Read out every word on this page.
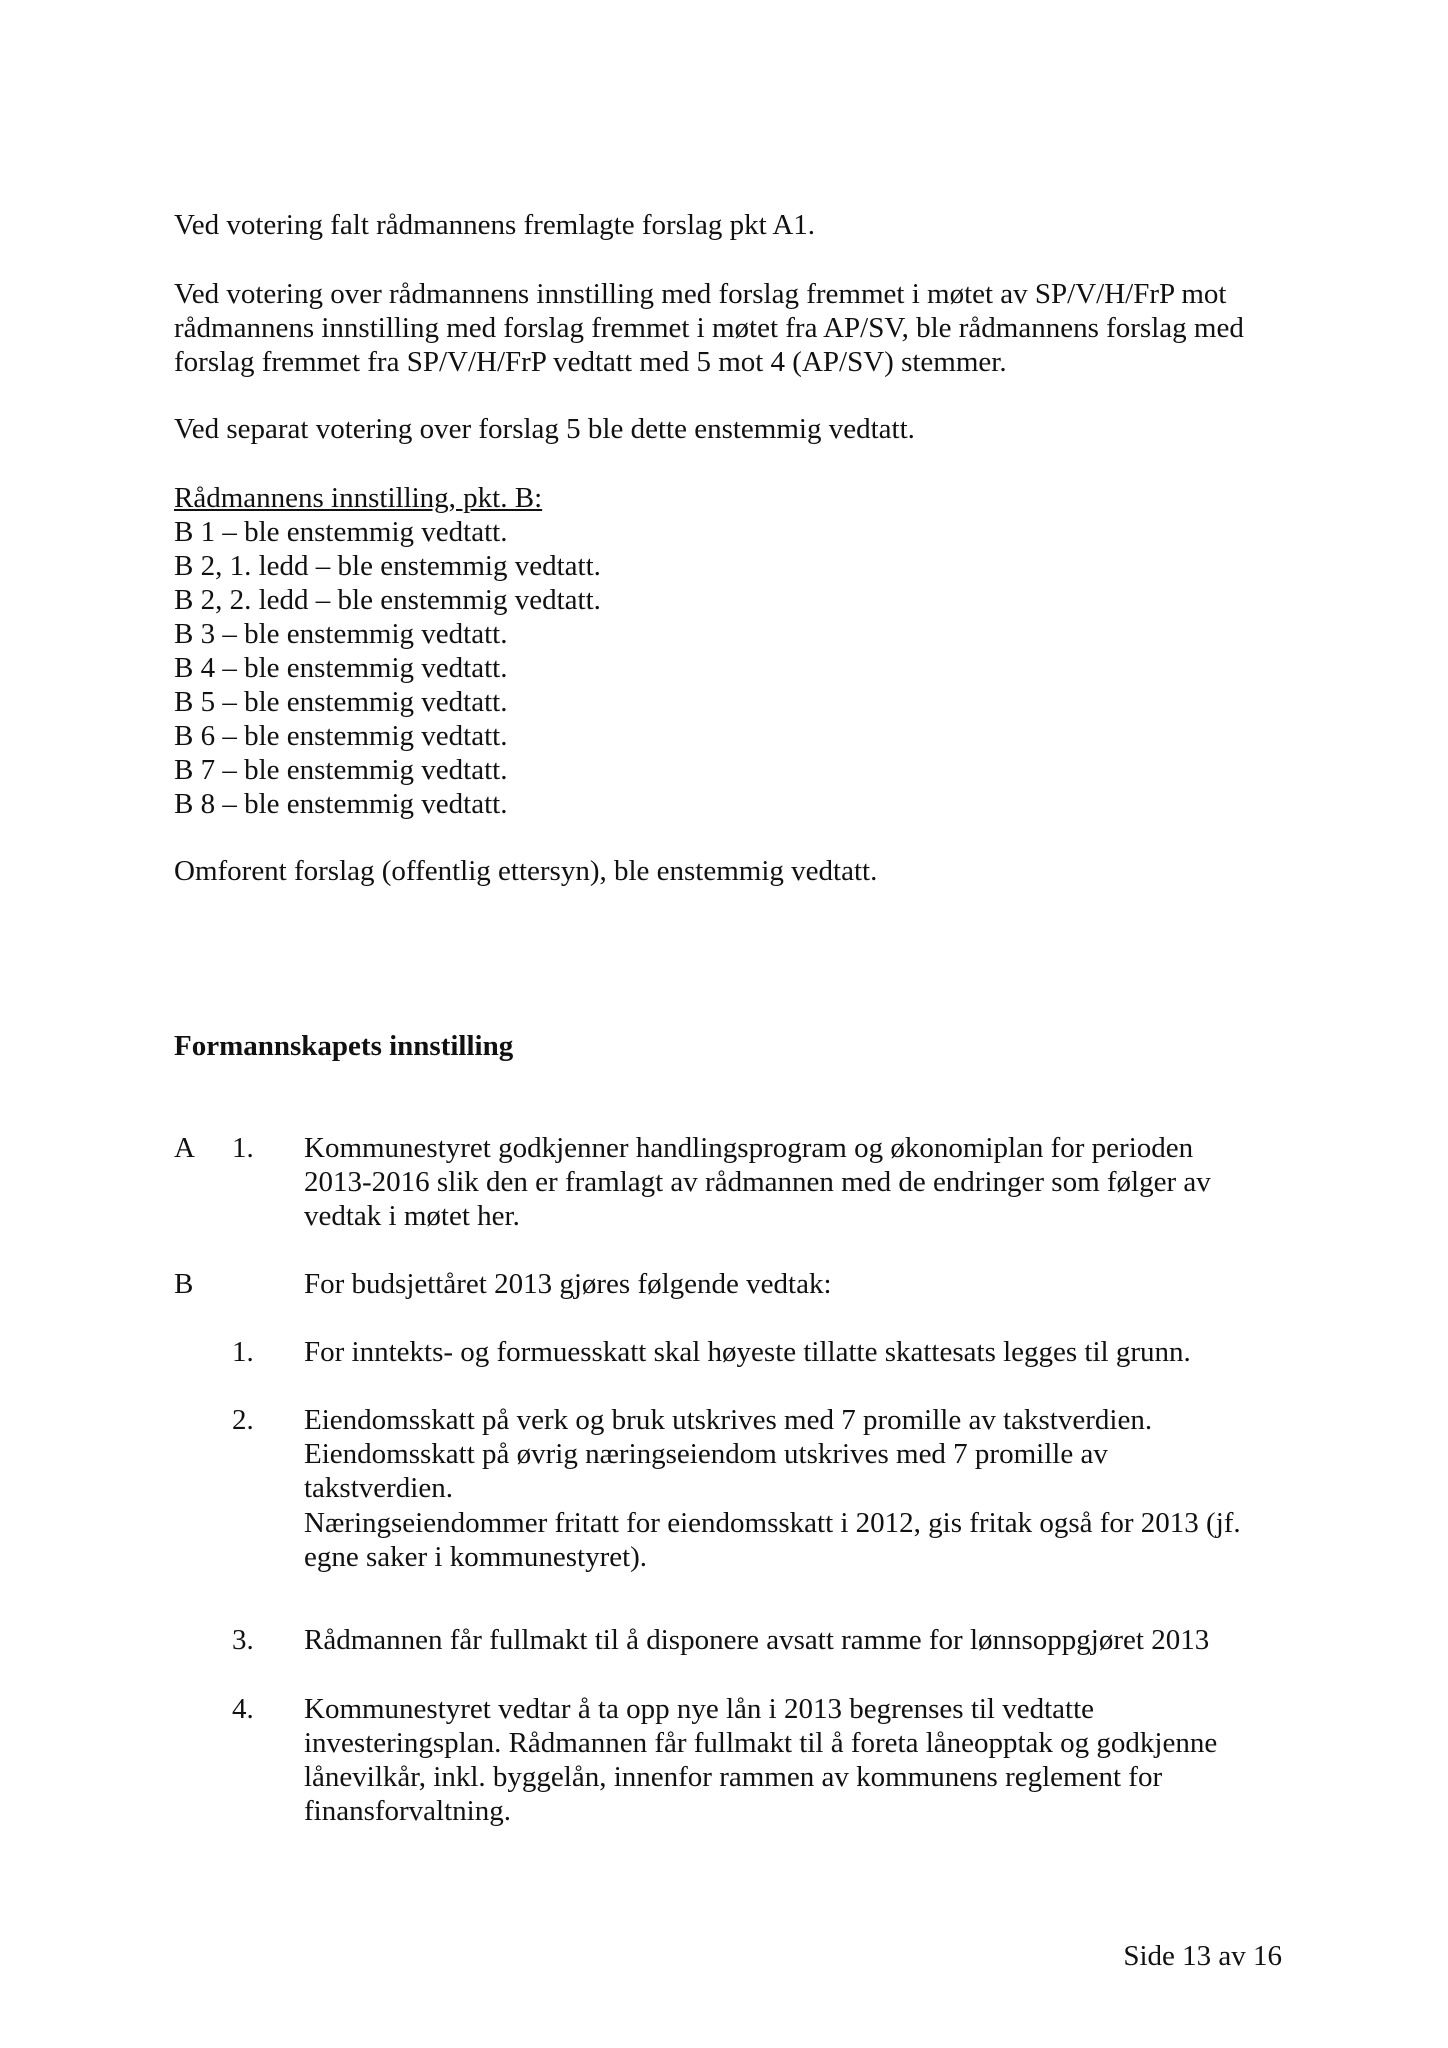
Ved votering falt rådmannens fremlagte forslag pkt A1.

Ved votering over rådmannens innstilling med forslag fremmet i møtet av SP/V/H/FrP mot

rådmannens innstilling med forslag fremmet i møtet fra AP/SV, ble rådmannens forslag med

forslag fremmet fra SP/V/H/FrP vedtatt med 5 mot 4 (AP/SV) stemmer.

Ved separat votering over forslag 5 ble dette enstemmig vedtatt.

Rådmannens innstilling, pkt. B:

B 1 – ble enstemmig vedtatt.

B 2, 1. ledd – ble enstemmig vedtatt.

B 2, 2. ledd – ble enstemmig vedtatt.

B 3 – ble enstemmig vedtatt.

B 4 – ble enstemmig vedtatt.

B 5 – ble enstemmig vedtatt.

B 6 – ble enstemmig vedtatt.

B 7 – ble enstemmig vedtatt.

B 8 – ble enstemmig vedtatt.

Omforent forslag (offentlig ettersyn), ble enstemmig vedtatt.

Formannskapets innstilling

A 1. Kommunestyret godkjenner handlingsprogram og økonomiplan for perioden

2013-2016 slik den er framlagt av rådmannen med de endringer som følger av

vedtak i møtet her.

B	For budsjettåret 2013 gjøres følgende vedtak:

1. For inntekts- og formuesskatt skal høyeste tillatte skattesats legges til grunn.

2. Eiendomsskatt på verk og bruk utskrives med 7 promille av takstverdien.

Eiendomsskatt på øvrig næringseiendom utskrives med 7 promille av

takstverdien.

Næringseiendommer fritatt for eiendomsskatt i 2012, gis fritak også for 2013 (jf.

egne saker i kommunestyret).

3. Rådmannen får fullmakt til å disponere avsatt ramme for lønnsoppgjøret 2013

4. Kommunestyret vedtar å ta opp nye lån i 2013 begrenses til vedtatte

investeringsplan. Rådmannen får fullmakt til å foreta låneopptak og godkjenne

lånevilkår, inkl. byggelån, innenfor rammen av kommunens reglement for

finansforvaltning.

Side 13 av 16
